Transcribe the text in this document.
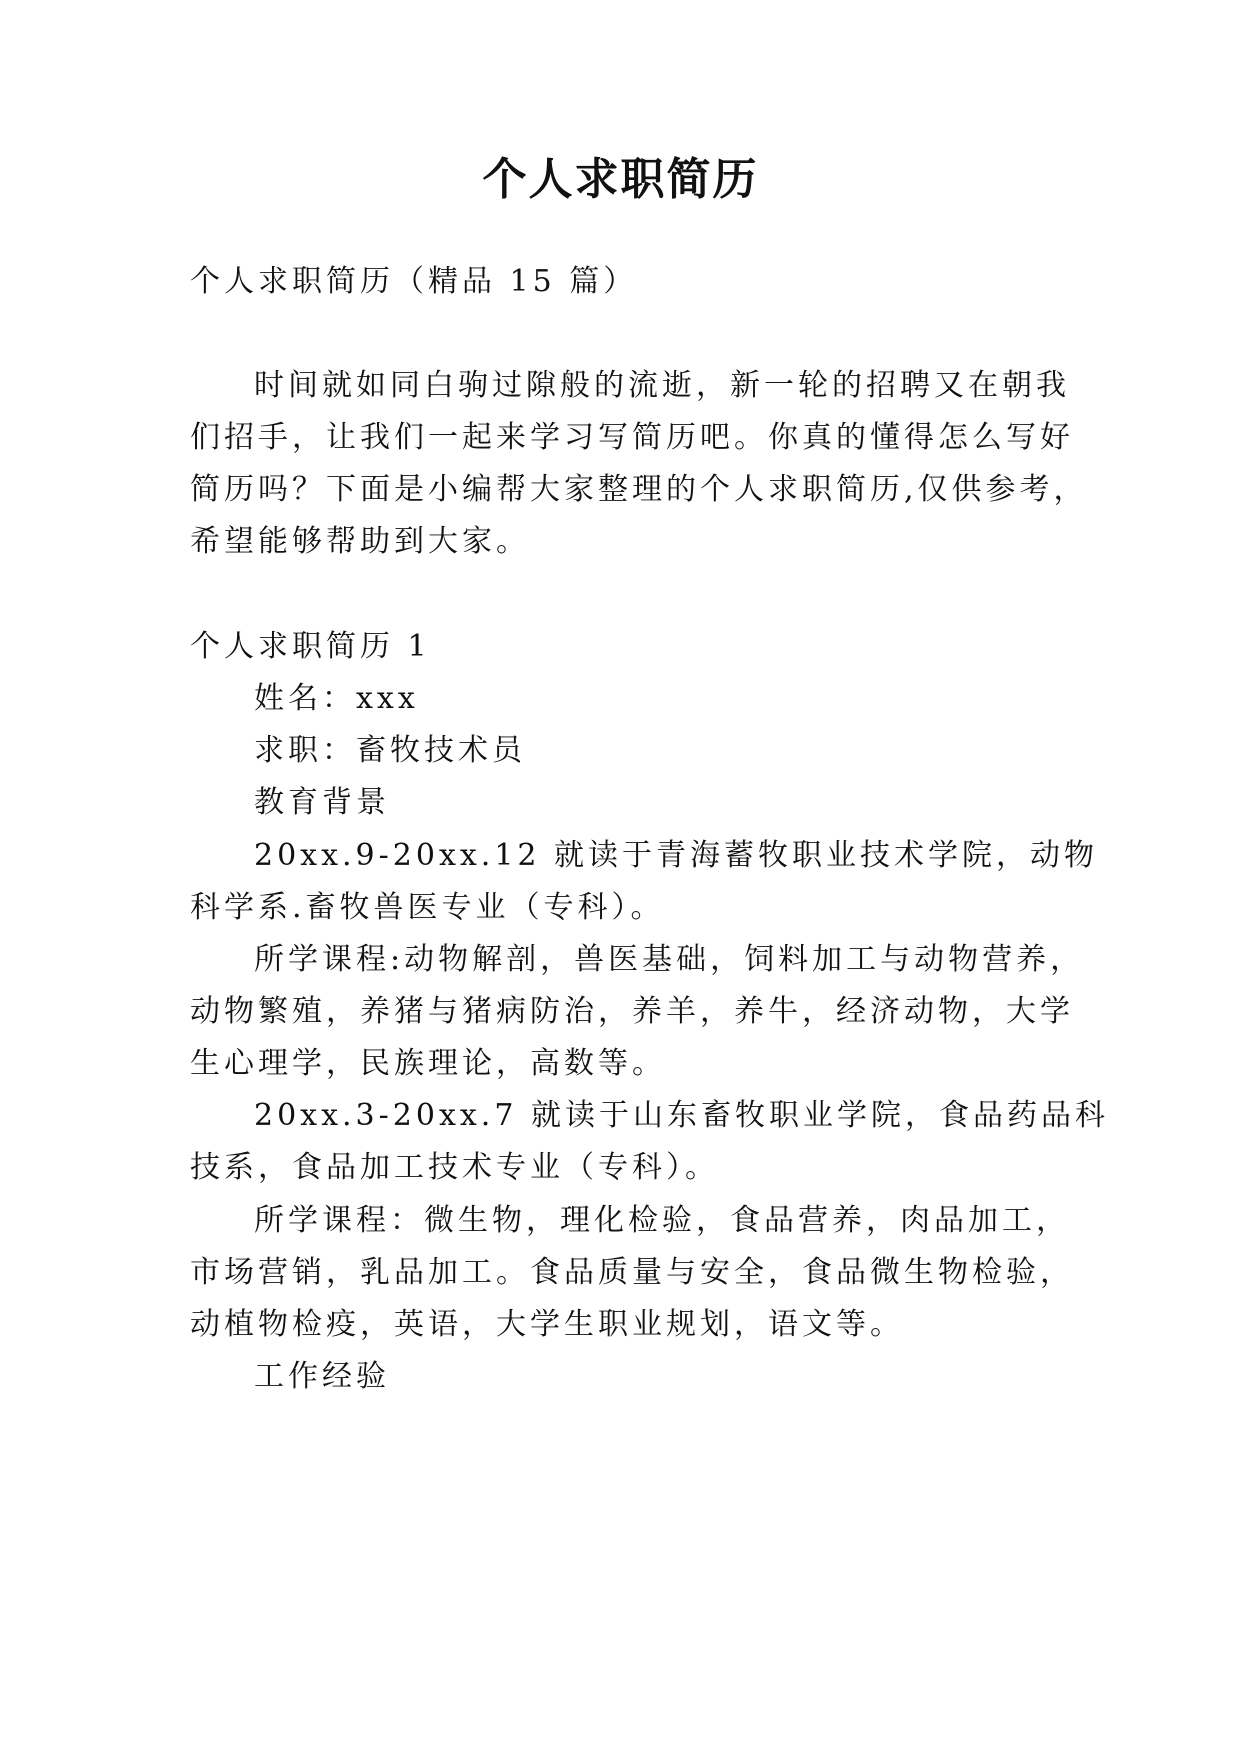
个人求职简历
个人求职简历（精品 15 篇）
时间就如同白驹过隙般的流逝，新一轮的招聘又在朝我
们招手，让我们一起来学习写简历吧。你真的懂得怎么写好
简历吗？下面是小编帮大家整理的个人求职简历,仅供参考，
希望能够帮助到大家。
个人求职简历 1
姓名：xxx
求职：畜牧技术员
教育背景
20xx.9-20xx.12 就读于青海蓄牧职业技术学院，动物
科学系.畜牧兽医专业（专科）。
所学课程:动物解剖，兽医基础，饲料加工与动物营养，
动物繁殖，养猪与猪病防治，养羊，养牛，经济动物，大学
生心理学，民族理论，高数等。
20xx.3-20xx.7 就读于山东畜牧职业学院，食品药品科
技系，食品加工技术专业（专科）。
所学课程：微生物，理化检验，食品营养，肉品加工，
市场营销，乳品加工。食品质量与安全，食品微生物检验，
动植物检疫，英语，大学生职业规划，语文等。
工作经验
